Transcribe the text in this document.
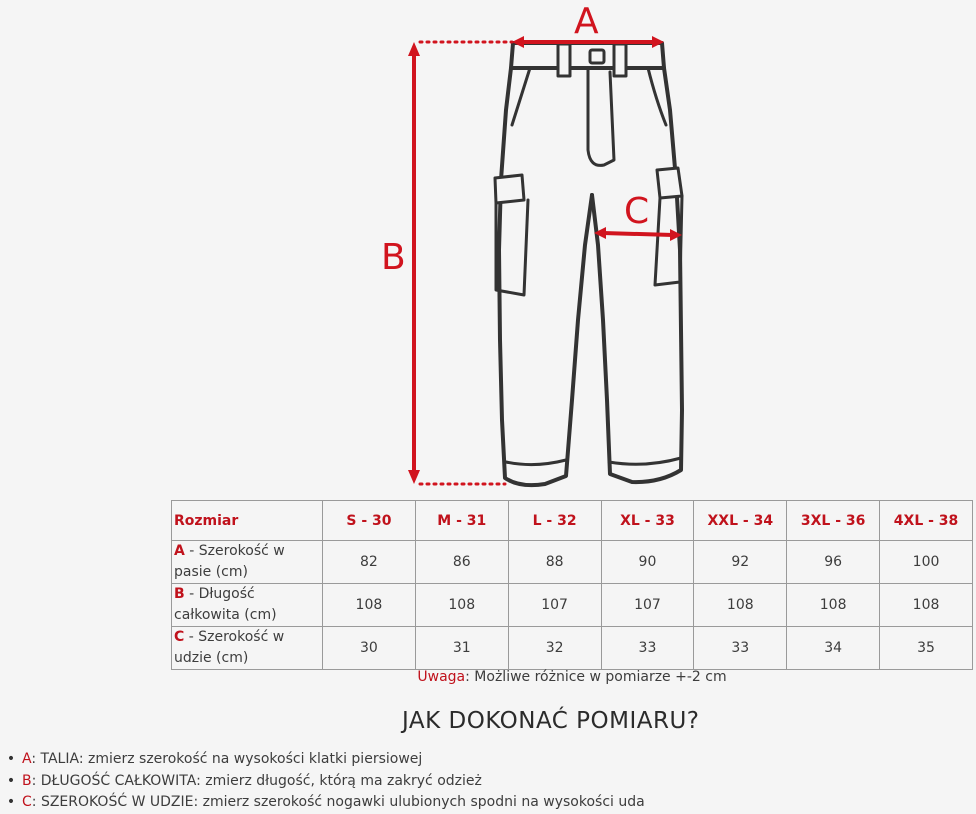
A
B
C
Rozmiar	S - 30	M - 31	L - 32	XL - 33	XXL - 34	3XL - 36	4XL - 38
A - Szerokość w pasie (cm)	82	86	88	90	92	96	100
B - Długość całkowita (cm)	108	108	107	107	108	108	108
C - Szerokość w udzie (cm)	30	31	32	33	33	34	35
Uwaga: Możliwe różnice w pomiarze +-2 cm
JAK DOKONAĆ POMIARU?
• A: TALIA: zmierz szerokość na wysokości klatki piersiowej
• B: DŁUGOŚĆ CAŁKOWITA: zmierz długość, którą ma zakryć odzież
• C: SZEROKOŚĆ W UDZIE: zmierz szerokość nogawki ulubionych spodni na wysokości uda
